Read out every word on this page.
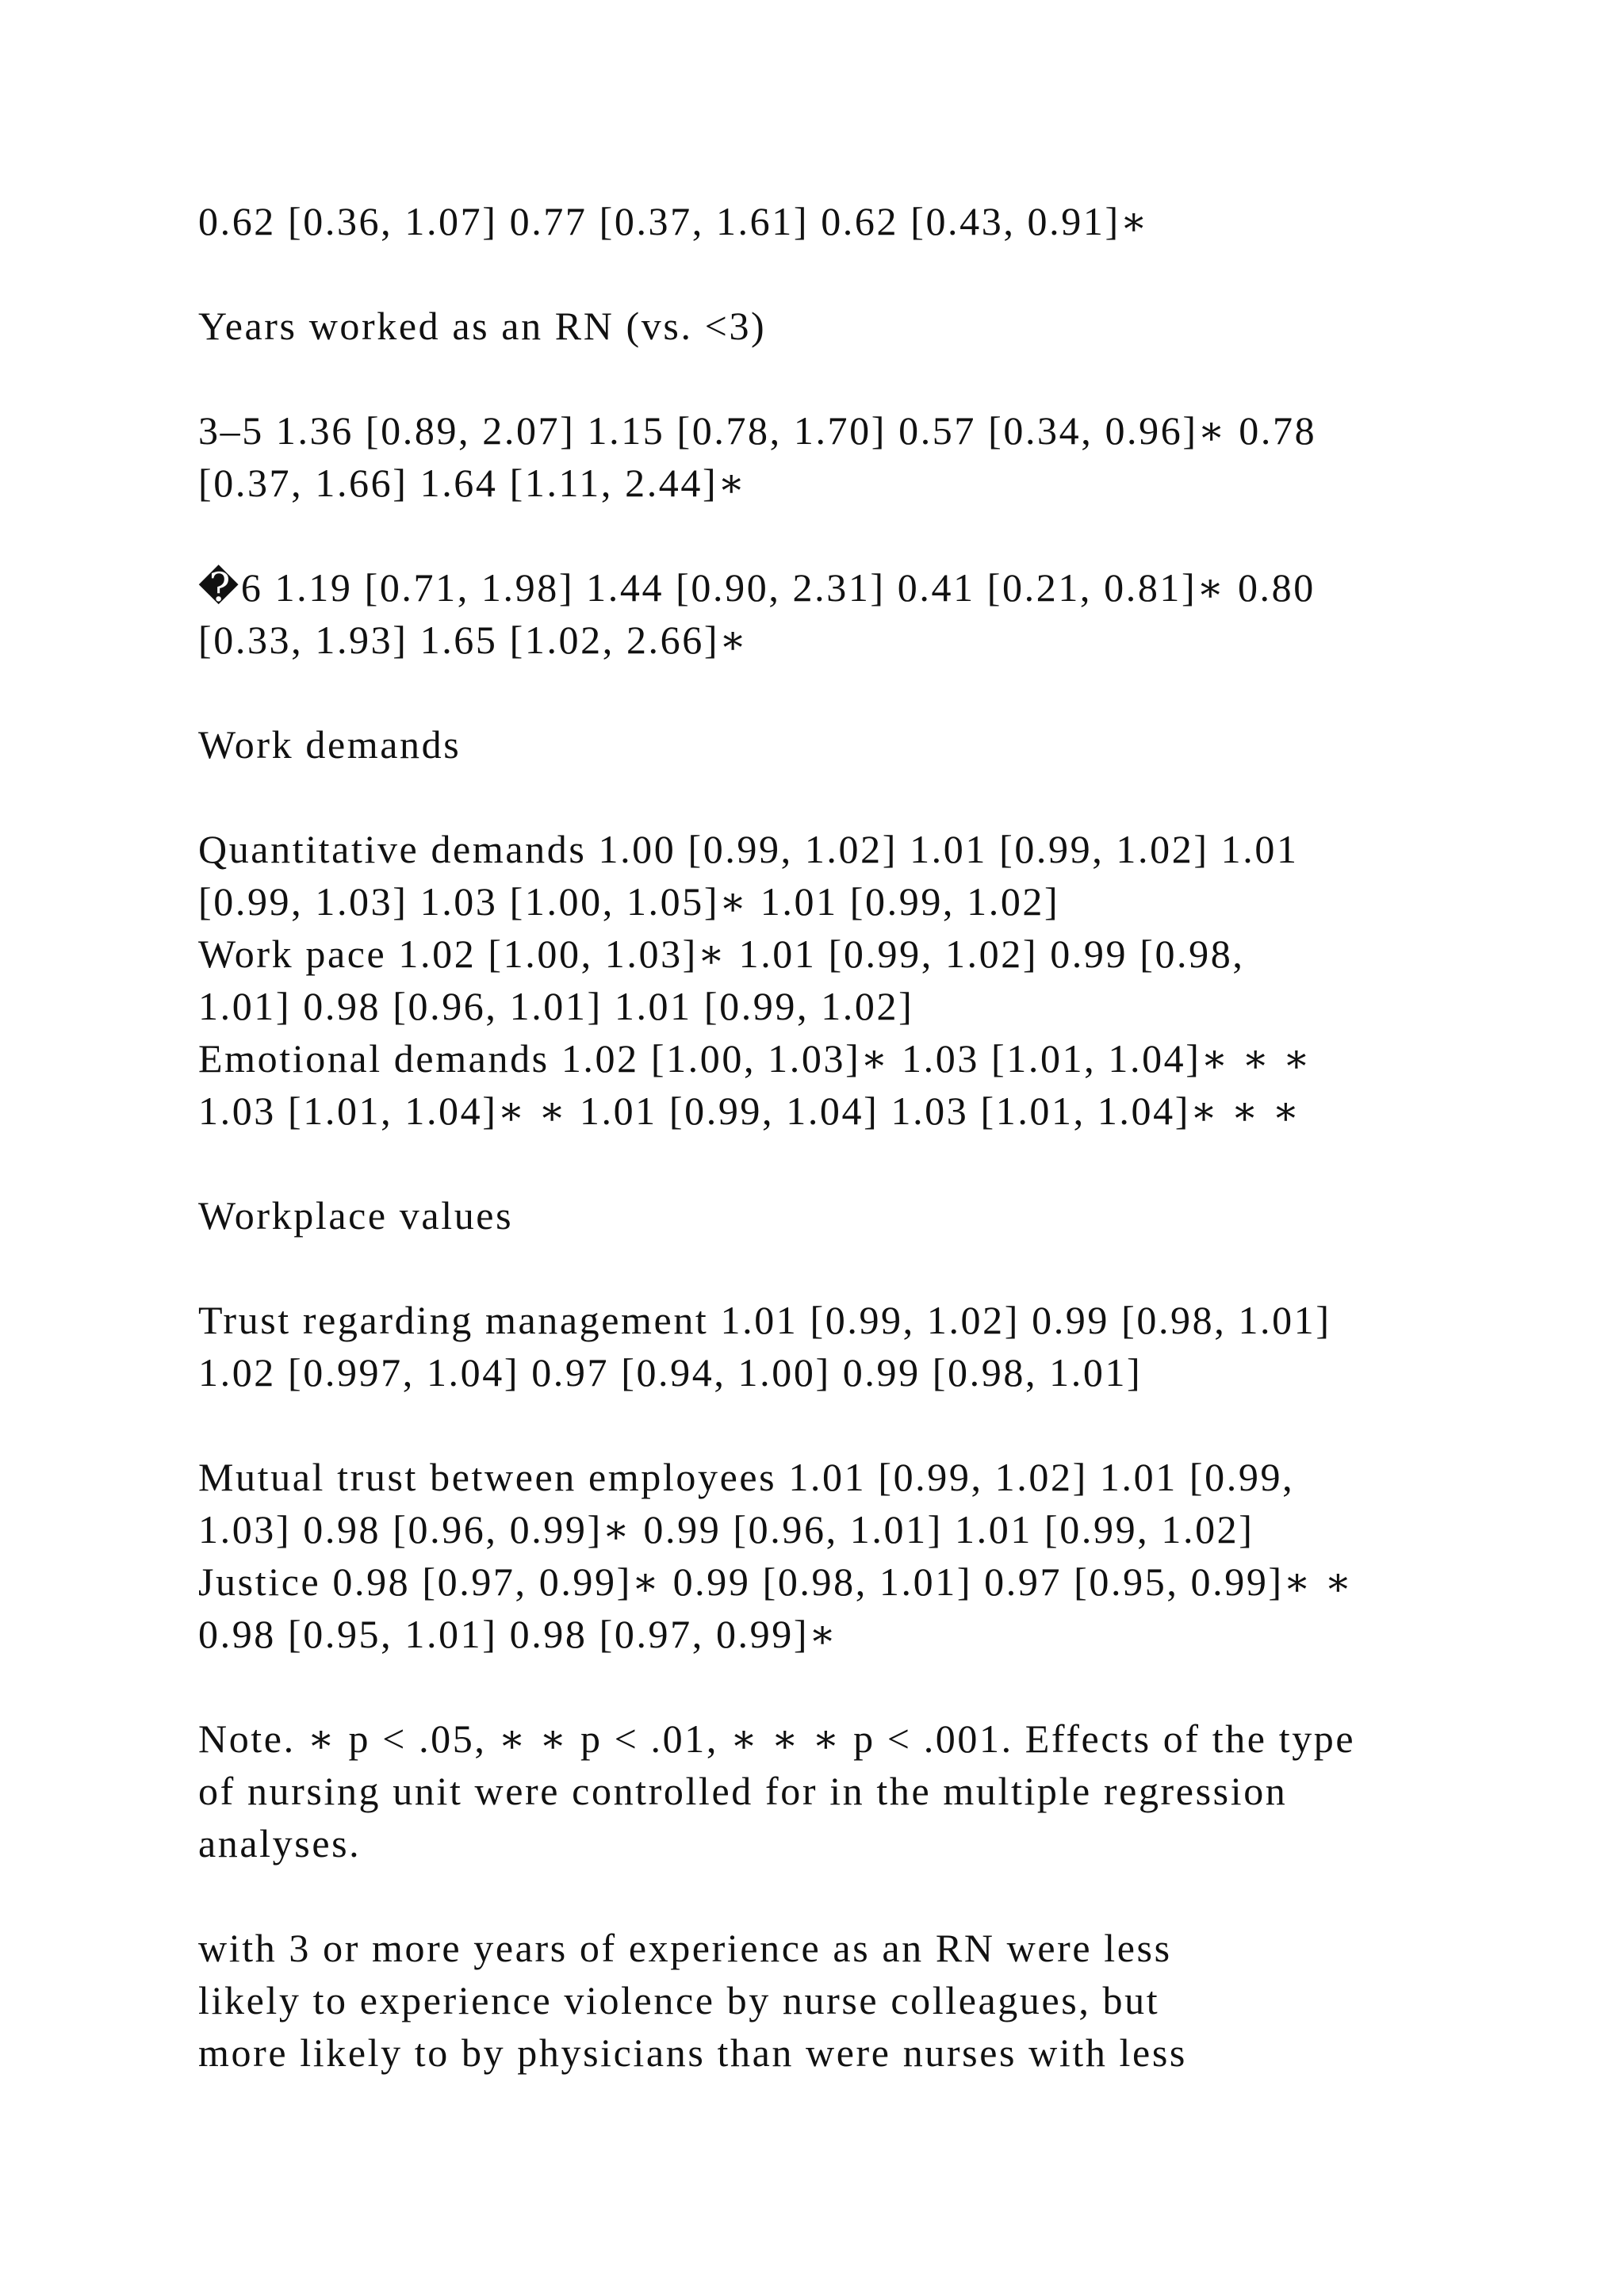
0.62 [0.36, 1.07] 0.77 [0.37, 1.61] 0.62 [0.43, 0.91]∗

Years worked as an RN (vs. <3)

3–5 1.36 [0.89, 2.07] 1.15 [0.78, 1.70] 0.57 [0.34, 0.96]∗ 0.78
[0.37, 1.66] 1.64 [1.11, 2.44]∗

�6 1.19 [0.71, 1.98] 1.44 [0.90, 2.31] 0.41 [0.21, 0.81]∗ 0.80
[0.33, 1.93] 1.65 [1.02, 2.66]∗

Work demands

Quantitative demands 1.00 [0.99, 1.02] 1.01 [0.99, 1.02] 1.01
[0.99, 1.03] 1.03 [1.00, 1.05]∗ 1.01 [0.99, 1.02]
Work pace 1.02 [1.00, 1.03]∗ 1.01 [0.99, 1.02] 0.99 [0.98,
1.01] 0.98 [0.96, 1.01] 1.01 [0.99, 1.02]
Emotional demands 1.02 [1.00, 1.03]∗ 1.03 [1.01, 1.04]∗ ∗ ∗
1.03 [1.01, 1.04]∗ ∗ 1.01 [0.99, 1.04] 1.03 [1.01, 1.04]∗ ∗ ∗

Workplace values

Trust regarding management 1.01 [0.99, 1.02] 0.99 [0.98, 1.01]
1.02 [0.997, 1.04] 0.97 [0.94, 1.00] 0.99 [0.98, 1.01]

Mutual trust between employees 1.01 [0.99, 1.02] 1.01 [0.99,
1.03] 0.98 [0.96, 0.99]∗ 0.99 [0.96, 1.01] 1.01 [0.99, 1.02]
Justice 0.98 [0.97, 0.99]∗ 0.99 [0.98, 1.01] 0.97 [0.95, 0.99]∗ ∗
0.98 [0.95, 1.01] 0.98 [0.97, 0.99]∗

Note. ∗ p < .05, ∗ ∗ p < .01, ∗ ∗ ∗ p < .001. Effects of the type
of nursing unit were controlled for in the multiple regression
analyses.

with 3 or more years of experience as an RN were less
likely to experience violence by nurse colleagues, but
more likely to by physicians than were nurses with less
